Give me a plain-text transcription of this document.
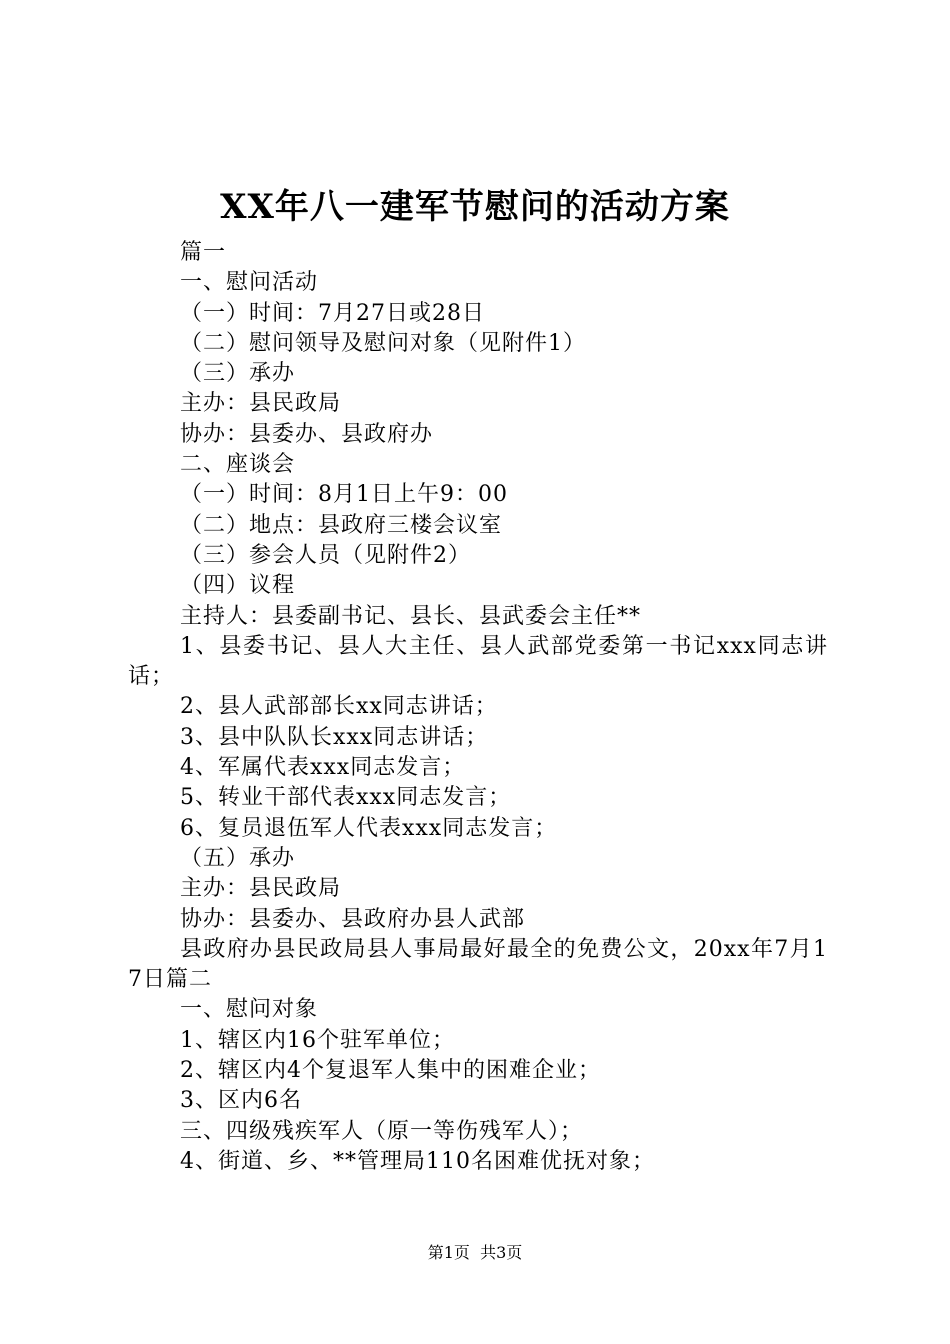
XX年八一建军节慰问的活动方案

篇一

一、慰问活动

（一）时间：7月27日或28日

（二）慰问领导及慰问对象（见附件1）

（三）承办

主办：县民政局

协办：县委办、县政府办

二、座谈会

（一）时间：8月1日上午9：00

（二）地点：县政府三楼会议室

（三）参会人员（见附件2）

（四）议程

主持人：县委副书记、县长、县武委会主任**

1、县委书记、县人大主任、县人武部党委第一书记xxx同志讲话；

2、县人武部部长xx同志讲话；

3、县中队队长xxx同志讲话；

4、军属代表xxx同志发言；

5、转业干部代表xxx同志发言；

6、复员退伍军人代表xxx同志发言；

（五）承办

主办：县民政局

协办：县委办、县政府办县人武部

县政府办县民政局县人事局最好最全的免费公文，20xx年7月17日篇二

一、慰问对象

1、辖区内16个驻军单位；

2、辖区内4个复退军人集中的困难企业；

3、区内6名

三、四级残疾军人（原一等伤残军人）；

4、街道、乡、**管理局110名困难优抚对象；

第1页 共3页
